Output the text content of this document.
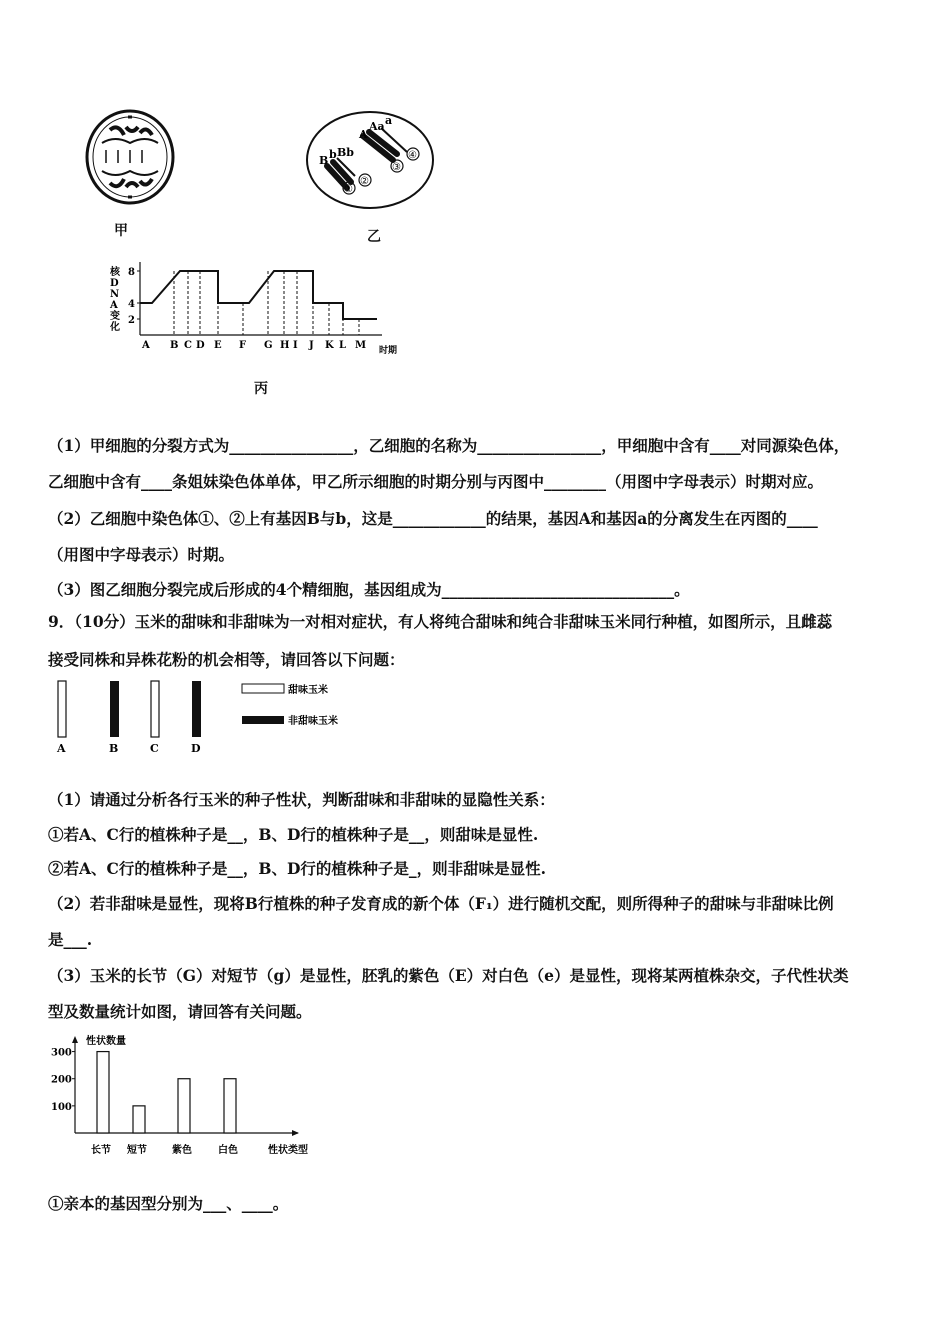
甲
B b Bb
Aa
A
a
①
②
③
④
乙
核
D
N
A
变
化
8
4
2
A B C D E F G H I J K L M 时期
丙
（1）甲细胞的分裂方式为________________，乙细胞的名称为________________，甲细胞中含有____对同源染色体，
乙细胞中含有____条姐妹染色体单体，甲乙所示细胞的时期分别与丙图中________（用图中字母表示）时期对应。
（2）乙细胞中染色体①、②上有基因B与b，这是____________的结果，基因A和基因a的分离发生在丙图的____
（用图中字母表示）时期。
（3）图乙细胞分裂完成后形成的4个精细胞，基因组成为______________________________。
9．（10分）玉米的甜味和非甜味为一对相对症状，有人将纯合甜味和纯合非甜味玉米同行种植，如图所示，且雌蕊
接受同株和异株花粉的机会相等，请回答以下问题：
A	B	C	D
甜味玉米
非甜味玉米
（1）请通过分析各行玉米的种子性状，判断甜味和非甜味的显隐性关系：
①若A、C行的植株种子是__，B、D行的植株种子是__，则甜味是显性.
②若A、C行的植株种子是__，B、D行的植株种子是_，则非甜味是显性.
（2）若非甜味是显性，现将B行植株的种子发育成的新个体（F₁）进行随机交配，则所得种子的甜味与非甜味比例
是___.
（3）玉米的长节（G）对短节（g）是显性，胚乳的紫色（E）对白色（e）是显性，现将某两植株杂交，子代性状类
型及数量统计如图，请回答有关问题。
性状数量
300
200
100
长节 短节	紫色	白色	性状类型
①亲本的基因型分别为___、____。
